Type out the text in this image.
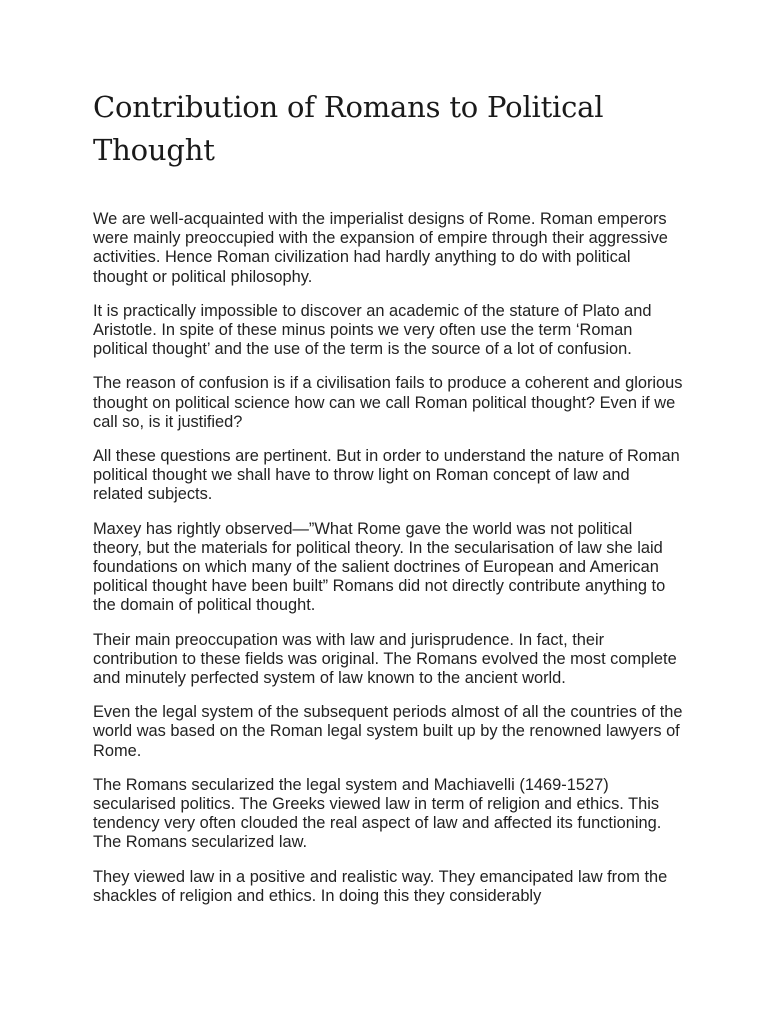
Contribution of Romans to Political Thought

We are well-acquainted with the imperialist designs of Rome. Roman emperors were mainly preoccupied with the expansion of empire through their aggressive activities. Hence Roman civilization had hardly anything to do with political thought or political philosophy.

It is practically impossible to discover an academic of the stature of Plato and Aristotle. In spite of these minus points we very often use the term ‘Roman political thought’ and the use of the term is the source of a lot of confusion.

The reason of confusion is if a civilisation fails to produce a coherent and glorious thought on political science how can we call Roman political thought? Even if we call so, is it justified?

All these questions are pertinent. But in order to understand the nature of Roman political thought we shall have to throw light on Roman concept of law and related subjects.

Maxey has rightly observed—”What Rome gave the world was not political theory, but the materials for political theory. In the secularisation of law she laid foundations on which many of the salient doctrines of European and American political thought have been built” Romans did not directly contribute anything to the domain of political thought.

Their main preoccupation was with law and jurisprudence. In fact, their contribution to these fields was original. The Romans evolved the most complete and minutely perfected system of law known to the ancient world.

Even the legal system of the subsequent periods almost of all the countries of the world was based on the Roman legal system built up by the renowned lawyers of Rome.

The Romans secularized the legal system and Machiavelli (1469-1527) secularised politics. The Greeks viewed law in term of religion and ethics. This tendency very often clouded the real aspect of law and affected its functioning. The Romans secularized law.

They viewed law in a positive and realistic way. They emancipated law from the shackles of religion and ethics. In doing this they considerably
